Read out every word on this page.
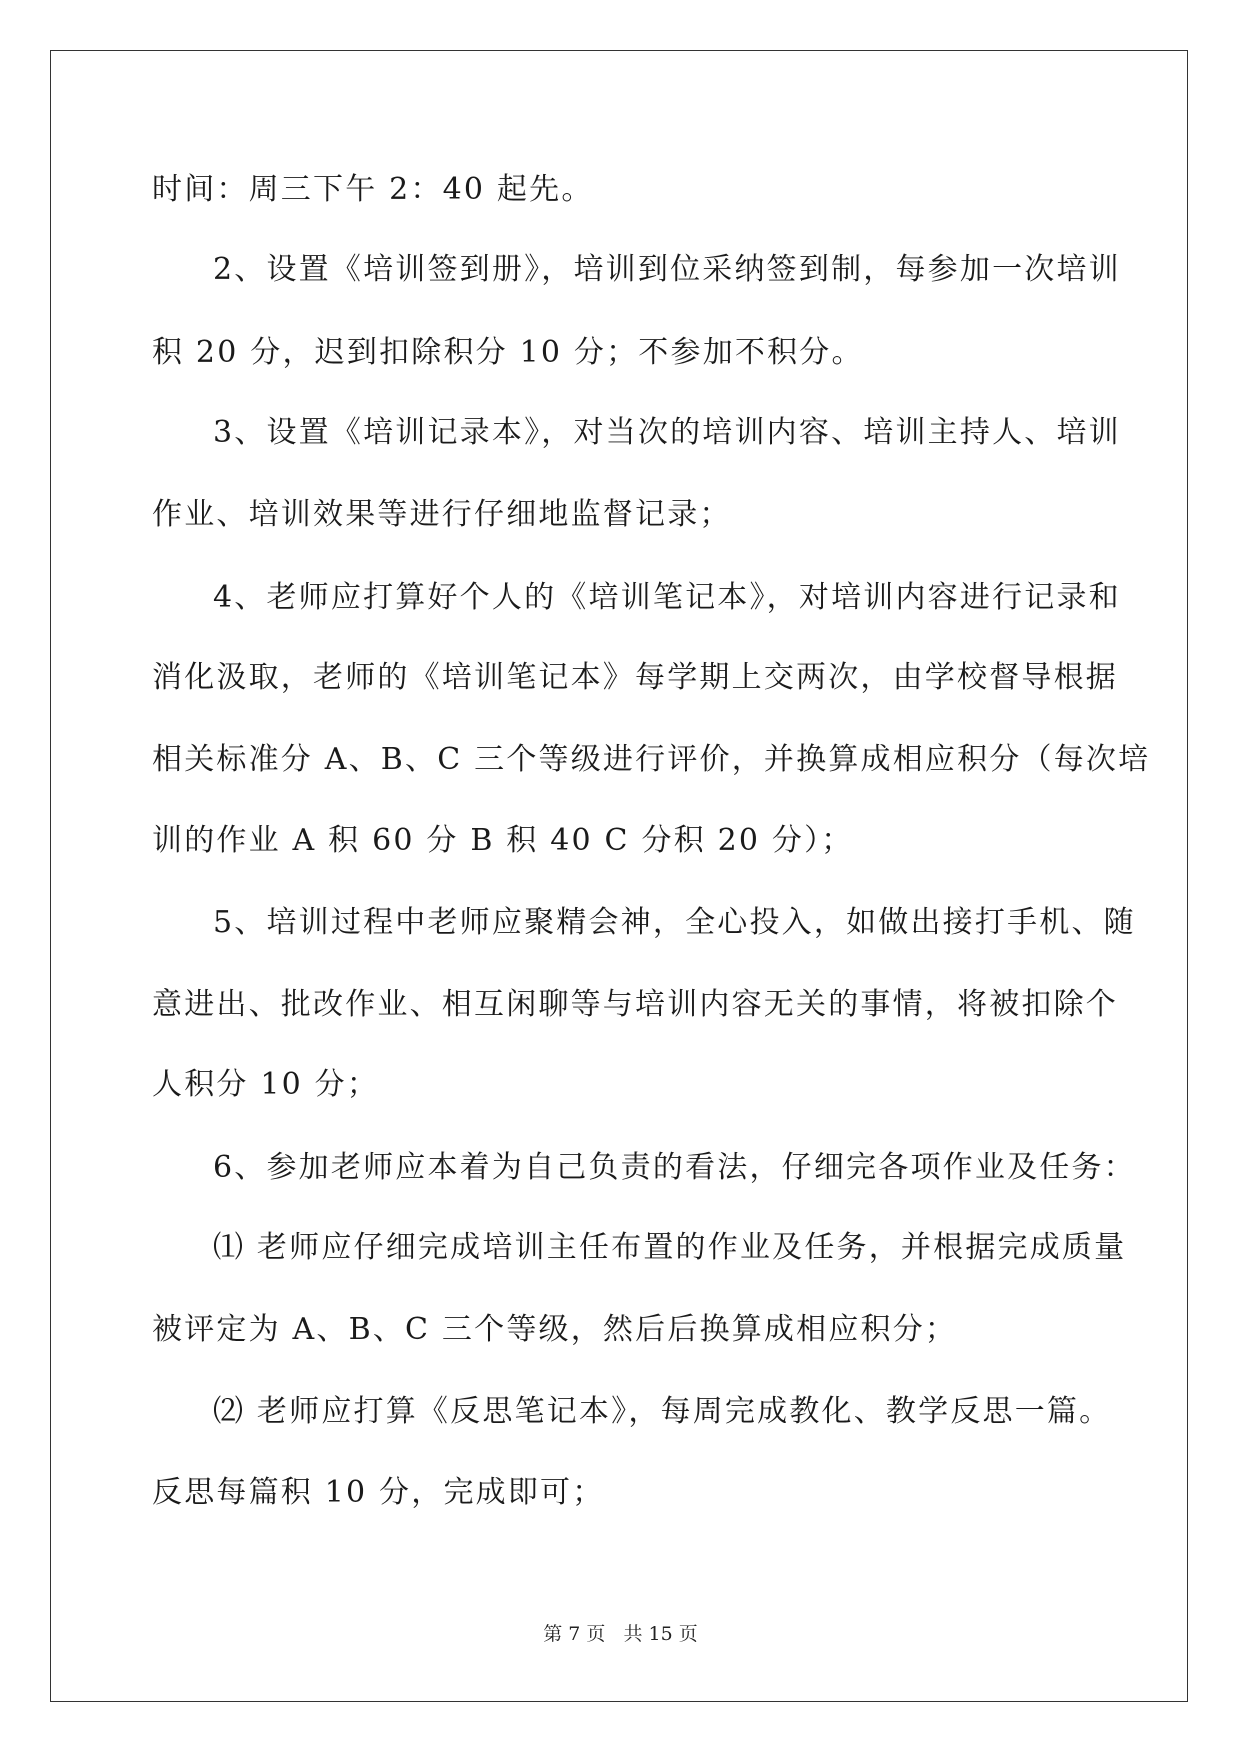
时间：周三下午 2：40 起先。
2、设置《培训签到册》，培训到位采纳签到制，每参加一次培训
积 20 分，迟到扣除积分 10 分；不参加不积分。
3、设置《培训记录本》，对当次的培训内容、培训主持人、培训
作业、培训效果等进行仔细地监督记录；
4、老师应打算好个人的《培训笔记本》，对培训内容进行记录和
消化汲取，老师的《培训笔记本》每学期上交两次，由学校督导根据
相关标准分 A、B、C 三个等级进行评价，并换算成相应积分（每次培
训的作业 A 积 60 分 B 积 40 C 分积 20 分）；
5、培训过程中老师应聚精会神，全心投入，如做出接打手机、随
意进出、批改作业、相互闲聊等与培训内容无关的事情，将被扣除个
人积分 10 分；
6、参加老师应本着为自己负责的看法，仔细完各项作业及任务：
⑴ 老师应仔细完成培训主任布置的作业及任务，并根据完成质量
被评定为 A、B、C 三个等级，然后后换算成相应积分；
⑵ 老师应打算《反思笔记本》，每周完成教化、教学反思一篇。
反思每篇积 10 分，完成即可；
第 7 页   共 15 页
